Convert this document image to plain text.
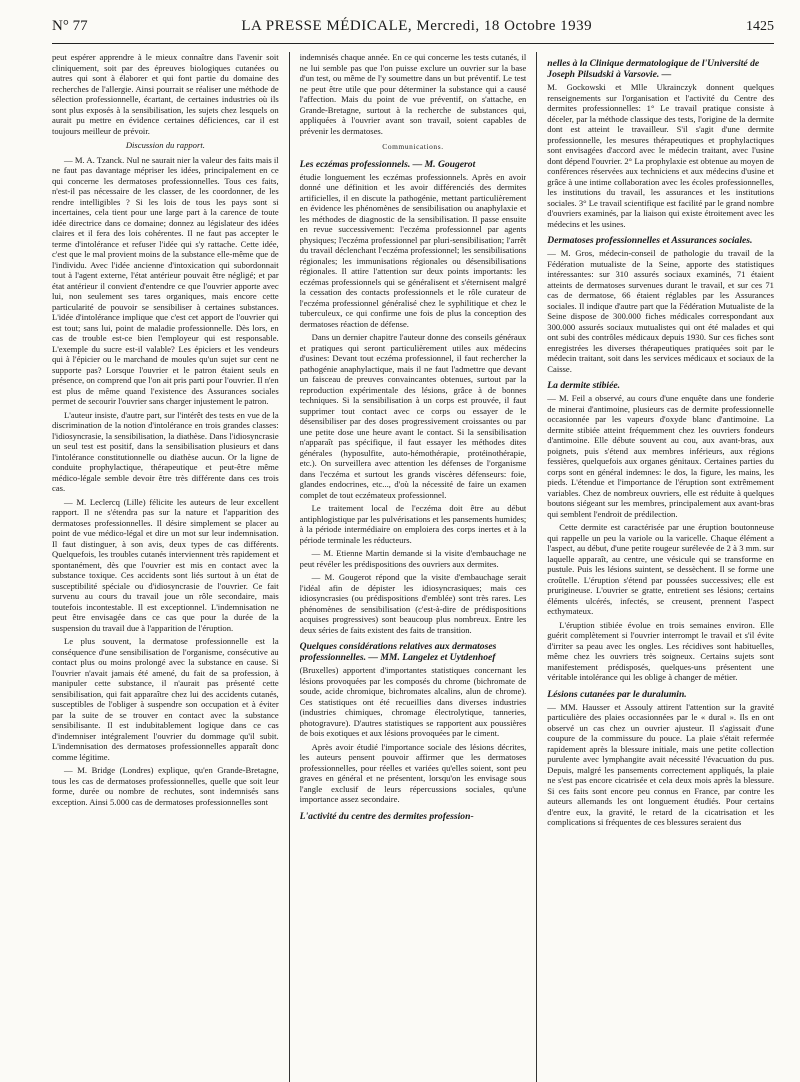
N° 77	LA PRESSE MÉDICALE, Mercredi, 18 Octobre 1939	1425

peut espérer apprendre à le mieux connaître dans l'avenir soit cliniquement, soit par des épreuves biologiques cutanées ou autres qui sont à élaborer et qui font partie du domaine des recherches de l'allergie. Ainsi pourrait se réaliser une méthode de sélection professionnelle, écartant, de certaines industries où ils sont plus exposés à la sensibilisation, les sujets chez lesquels on aurait pu mettre en évidence certaines déficiences, car il est toujours meilleur de prévoir.

Discussion du rapport.

— M. A. Tzanck. Nul ne saurait nier la valeur des faits mais il ne faut pas davantage mépriser les idées, principalement en ce qui concerne les dermatoses professionnelles. Tous ces faits, n'est-il pas nécessaire de les classer, de les coordonner, de les rendre intelligibles ? Si les lois de tous les pays sont si incertaines, cela tient pour une large part à la carence de toute idée directrice dans ce domaine; donnez au législateur des idées claires et il fera des lois cohérentes. Il ne faut pas accepter le terme d'intolérance et refuser l'idée qui s'y rattache. Cette idée, c'est que le mal provient moins de la substance elle-même que de l'individu. Avec l'idée ancienne d'intoxication qui subordonnait tout à l'agent externe, l'état antérieur pouvait être négligé; et par état antérieur il convient d'entendre ce que l'ouvrier apporte avec lui, non seulement ses tares organiques, mais encore cette particularité de pouvoir se sensibiliser à certaines substances. L'idée d'intolérance implique que c'est cet apport de l'ouvrier qui est tout; sans lui, point de maladie professionnelle. Dès lors, en cas de trouble est-ce bien l'employeur qui est responsable. L'exemple du sucre est-il valable? Les épiciers et les vendeurs qui à l'épicier ou le marchand de moules qu'un sujet sur cent ne supporte pas? Lorsque l'ouvrier et le patron étaient seuls en présence, on comprend que l'on ait pris parti pour l'ouvrier. Il n'en est plus de même quand l'existence des Assurances sociales permet de secourir l'ouvrier sans charger injustement le patron.

L'auteur insiste, d'autre part, sur l'intérêt des tests en vue de la discrimination de la notion d'intolérance en trois grandes classes: l'idiosyncrasie, la sensibilisation, la diathèse. Dans l'idiosyncrasie un seul test est positif, dans la sensibilisation plusieurs et dans l'intolérance constitutionnelle ou diathèse aucun. Or la ligne de conduite prophylactique, thérapeutique et peut-être même médico-légale semble devoir être très différente dans ces trois cas.

— M. Leclercq (Lille) félicite les auteurs de leur excellent rapport. Il ne s'étendra pas sur la nature et l'apparition des dermatoses professionnelles. Il désire simplement se placer au point de vue médico-légal et dire un mot sur leur indemnisation. Il faut distinguer, à son avis, deux types de cas différents. Quelquefois, les troubles cutanés interviennent très rapidement et spontanément, dès que l'ouvrier est mis en contact avec la substance toxique. Ces accidents sont liés surtout à un état de susceptibilité spéciale ou d'idiosyncrasie de l'ouvrier. Ce fait survenu au cours du travail joue un rôle secondaire, mais toutefois incontestable. Il est exceptionnel. L'indemnisation ne peut être envisagée dans ce cas que pour la durée de la suspension du travail due à l'apparition de l'éruption.

Le plus souvent, la dermatose professionnelle est la conséquence d'une sensibilisation de l'organisme, consécutive au contact plus ou moins prolongé avec la substance en cause. Si l'ouvrier n'avait jamais été amené, du fait de sa profession, à manipuler cette substance, il n'aurait pas présenté cette sensibilisation, qui fait apparaître chez lui des accidents cutanés, susceptibles de l'obliger à suspendre son occupation et à éviter par la suite de se trouver en contact avec la substance sensibilisante. Il est indubitablement logique dans ce cas d'indemniser intégralement l'ouvrier du dommage qu'il subit. L'indemnisation des dermatoses professionnelles apparaît donc comme légitime.

— M. Bridge (Londres) explique, qu'en Grande-Bretagne, tous les cas de dermatoses professionnelles, quelle que soit leur forme, durée ou nombre de rechutes, sont indemnisés sans exception. Ainsi 5.000 cas de dermatoses professionnelles sont

indemnisés chaque année. En ce qui concerne les tests cutanés, il ne lui semble pas que l'on puisse exclure un ouvrier sur la base d'un test, ou même de l'y soumettre dans un but préventif. Le test ne peut être utile que pour déterminer la substance qui a causé l'affection. Mais du point de vue préventif, on s'attache, en Grande-Bretagne, surtout à la recherche de substances qui, appliquées à l'ouvrier avant son travail, soient capables de prévenir les dermatoses.

Communications.

Les eczémas professionnels. — M. Gougerot

étudie longuement les eczémas professionnels. Après en avoir donné une définition et les avoir différenciés des dermites artificielles, il en discute la pathogénie, mettant particulièrement en évidence les phénomènes de sensibilisation ou anaphylaxie et les méthodes de diagnostic de la sensibilisation. Il passe ensuite en revue successivement: l'eczéma professionnel par agents physiques; l'eczéma professionnel par pluri-sensibilisation; l'arrêt du travail déclenchant l'eczéma professionnel; les sensibilisations régionales; les immunisations régionales ou désensibilisations régionales. Il attire l'attention sur deux points importants: les eczémas professionnels qui se généralisent et s'éternisent malgré la cessation des contacts professionnels et le rôle curateur de l'eczéma professionnel généralisé chez le syphilitique et chez le tuberculeux, ce qui confirme une fois de plus la conception des dermatoses réaction de défense.

Dans un dernier chapitre l'auteur donne des conseils généraux et pratiques qui seront particulièrement utiles aux médecins d'usines: Devant tout eczéma professionnel, il faut rechercher la pathogénie anaphylactique, mais il ne faut l'admettre que devant un faisceau de preuves convaincantes obtenues, surtout par la reproduction expérimentale des lésions, grâce à de bonnes techniques. Si la sensibilisation à un corps est prouvée, il faut supprimer tout contact avec ce corps ou essayer de le désensibiliser par des doses progressivement croissantes ou par une petite dose une heure avant le contact. Si la sensibilisation n'apparaît pas spécifique, il faut essayer les méthodes dites générales (hyposulfite, auto-hémothérapie, protéinothérapie, etc.). On surveillera avec attention les défenses de l'organisme dans l'eczéma et surtout les grands viscères défenseurs: foie, glandes endocrines, etc..., d'où la nécessité de faire un examen complet de tout eczémateux professionnel.

Le traitement local de l'eczéma doit être au début antiphlogistique par les pulvérisations et les pansements humides; à la période intermédiaire on emploiera des corps inertes et à la période terminale les réducteurs.

— M. Etienne Martin demande si la visite d'embauchage ne peut révéler les prédispositions des ouvriers aux dermites.

— M. Gougerot répond que la visite d'embauchage serait l'idéal afin de dépister les idiosyncrasiques; mais ces idiosyncrasies (ou prédispositions d'emblée) sont très rares. Les phénomènes de sensibilisation (c'est-à-dire de prédispositions acquises progressives) sont beaucoup plus nombreux. Entre les deux séries de faits existent des faits de transition.

Quelques considérations relatives aux dermatoses professionnelles. — MM. Langelez et Uytdenhoef

(Bruxelles) apportent d'importantes statistiques concernant les lésions provoquées par les composés du chrome (bichromate de soude, acide chromique, bichromates alcalins, alun de chrome). Ces statistiques ont été recueillies dans diverses industries (industries chimiques, chromage électrolytique, tanneries, photogravure). D'autres statistiques se rapportent aux poussières de bois exotiques et aux lésions provoquées par le ciment.

Après avoir étudié l'importance sociale des lésions décrites, les auteurs pensent pouvoir affirmer que les dermatoses professionnelles, pour réelles et variées qu'elles soient, sont peu graves en général et ne présentent, lorsqu'on les envisage sous l'angle exclusif de leurs répercussions sociales, qu'une importance assez secondaire.

L'activité du centre des dermites profession-
nelles à la Clinique dermatologique de l'Université de Joseph Pilsudski à Varsovie. —

M. Gockowski et Mlle Ukrainczyk donnent quelques renseignements sur l'organisation et l'activité du Centre des dermites professionnelles: 1° Le travail pratique consiste à déceler, par la méthode classique des tests, l'origine de la dermite dont est atteint le travailleur. S'il s'agit d'une dermite professionnelle, les mesures thérapeutiques et prophylactiques sont envisagées d'accord avec le médecin traitant, avec l'usine dont dépend l'ouvrier. 2° La prophylaxie est obtenue au moyen de conférences réservées aux techniciens et aux médecins d'usine et grâce à une intime collaboration avec les écoles professionnelles, les institutions du travail, les assurances et les institutions sociales. 3° Le travail scientifique est facilité par le grand nombre d'ouvriers examinés, par la liaison qui existe étroitement avec les médecins et les usines.

Dermatoses professionnelles et Assurances sociales.

— M. Gros, médecin-conseil de pathologie du travail de la Fédération mutualiste de la Seine, apporte des statistiques intéressantes: sur 310 assurés sociaux examinés, 71 étaient atteints de dermatoses survenues durant le travail, et sur ces 71 cas de dermatose, 66 étaient réglables par les Assurances sociales. Il indique d'autre part que la Fédération Mutualiste de la Seine dispose de 300.000 fiches médicales correspondant aux 300.000 assurés sociaux mutualistes qui ont été malades et qui ont subi des contrôles médicaux depuis 1930. Sur ces fiches sont enregistrées les diverses thérapeutiques pratiquées soit par le médecin traitant, soit dans les services médicaux et sociaux de la Caisse.

La dermite stibiée.

— M. Feil a observé, au cours d'une enquête dans une fonderie de minerai d'antimoine, plusieurs cas de dermite professionnelle occasionnée par les vapeurs d'oxyde blanc d'antimoine. La dermite stibiée atteint fréquemment chez les ouvriers fondeurs d'antimoine. Elle débute souvent au cou, aux avant-bras, aux poignets, puis s'étend aux membres inférieurs, aux régions fessières, quelquefois aux organes génitaux. Certaines parties du corps sont en général indemnes: le dos, la figure, les mains, les pieds. L'étendue et l'importance de l'éruption sont extrêmement variables. Chez de nombreux ouvriers, elle est réduite à quelques boutons siégeant sur les membres, principalement aux avant-bras qui semblent l'endroit de prédilection.

Cette dermite est caractérisée par une éruption boutonneuse qui rappelle un peu la variole ou la varicelle. Chaque élément a l'aspect, au début, d'une petite rougeur surélevée de 2 à 3 mm. sur laquelle apparaît, au centre, une vésicule qui se transforme en pustule. Puis les lésions suintent, se dessèchent. Il se forme une croûtelle. L'éruption s'étend par poussées successives; elle est prurigineuse. L'ouvrier se gratte, entretient ses lésions; certains éléments ulcérés, infectés, se creusent, prennent l'aspect ecthymateux.

L'éruption stibiée évolue en trois semaines environ. Elle guérit complètement si l'ouvrier interrompt le travail et s'il évite d'irriter sa peau avec les ongles. Les récidives sont habituelles, même chez les ouvriers très soigneux. Certains sujets sont manifestement prédisposés, quelques-uns présentent une véritable intolérance qui les oblige à changer de métier.

Lésions cutanées par le duralumin.

— MM. Hausser et Assouly attirent l'attention sur la gravité particulière des plaies occasionnées par le « dural ». Ils en ont observé un cas chez un ouvrier ajusteur. Il s'agissait d'une coupure de la commissure du pouce. La plaie s'était refermée rapidement après la blessure initiale, mais une petite collection purulente avec lymphangite avait nécessité l'évacuation du pus. Depuis, malgré les pansements correctement appliqués, la plaie ne s'est pas encore cicatrisée et cela deux mois après la blessure. Si ces faits sont encore peu connus en France, par contre les auteurs allemands les ont longuement étudiés. Pour certains d'entre eux, la gravité, le retard de la cicatrisation et les complications si fréquentes de ces blessures seraient dus
